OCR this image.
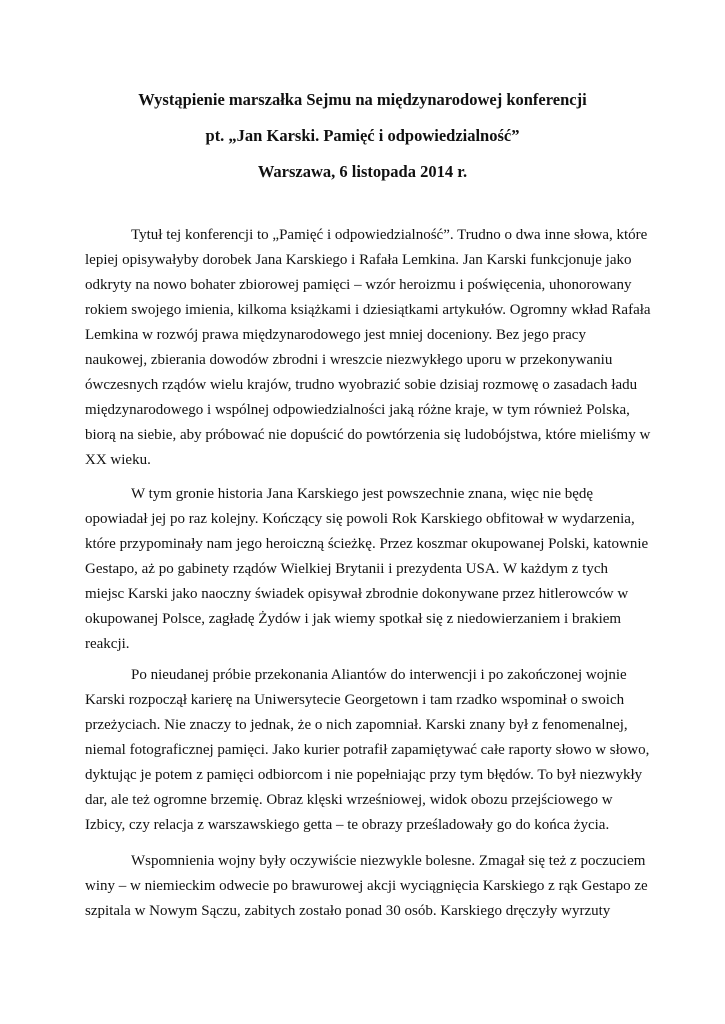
Wystąpienie marszałka Sejmu na międzynarodowej konferencji
pt. „Jan Karski. Pamięć i odpowiedzialność”
Warszawa, 6 listopada 2014 r.
Tytuł tej konferencji to „Pamięć i odpowiedzialność”. Trudno o dwa inne słowa, które
lepiej opisywałyby dorobek Jana Karskiego i Rafała Lemkina. Jan Karski funkcjonuje jako
odkryty na nowo bohater zbiorowej pamięci – wzór heroizmu i poświęcenia, uhonorowany
rokiem swojego imienia, kilkoma książkami i dziesiątkami artykułów. Ogromny wkład Rafała
Lemkina w rozwój prawa międzynarodowego jest mniej doceniony. Bez jego pracy
naukowej, zbierania dowodów zbrodni i wreszcie niezwykłego uporu w przekonywaniu
ówczesnych rządów wielu krajów, trudno wyobrazić sobie dzisiaj rozmowę o zasadach ładu
międzynarodowego i wspólnej odpowiedzialności jaką różne kraje, w tym również Polska,
biorą na siebie, aby próbować nie dopuścić do powtórzenia się ludobójstwa, które mieliśmy w
XX wieku.
W tym gronie historia Jana Karskiego jest powszechnie znana, więc nie będę
opowiadał jej po raz kolejny. Kończący się powoli Rok Karskiego obfitował w wydarzenia,
które przypominały nam jego heroiczną ścieżkę. Przez koszmar okupowanej Polski, katownie
Gestapo, aż po gabinety rządów Wielkiej Brytanii i prezydenta USA. W każdym z tych
miejsc Karski jako naoczny świadek opisywał zbrodnie dokonywane przez hitlerowców w
okupowanej Polsce, zagładę Żydów i jak wiemy spotkał się z niedowierzaniem i brakiem
reakcji.
Po nieudanej próbie przekonania Aliantów do interwencji i po zakończonej wojnie
Karski rozpoczął karierę na Uniwersytecie Georgetown i tam rzadko wspominał o swoich
przeżyciach. Nie znaczy to jednak, że o nich zapomniał. Karski znany był z fenomenalnej,
niemal fotograficznej pamięci. Jako kurier potrafił zapamiętywać całe raporty słowo w słowo,
dyktując je potem z pamięci odbiorcom i nie popełniając przy tym błędów. To był niezwykły
dar, ale też ogromne brzemię. Obraz klęski wrześniowej, widok obozu przejściowego w
Izbicy, czy relacja z warszawskiego getta – te obrazy prześladowały go do końca życia.
Wspomnienia wojny były oczywiście niezwykle bolesne. Zmagał się też z poczuciem
winy – w niemieckim odwecie po brawurowej akcji wyciągnięcia Karskiego z rąk Gestapo ze
szpitala w Nowym Sączu, zabitych zostało ponad 30 osób. Karskiego dręczyły wyrzuty
